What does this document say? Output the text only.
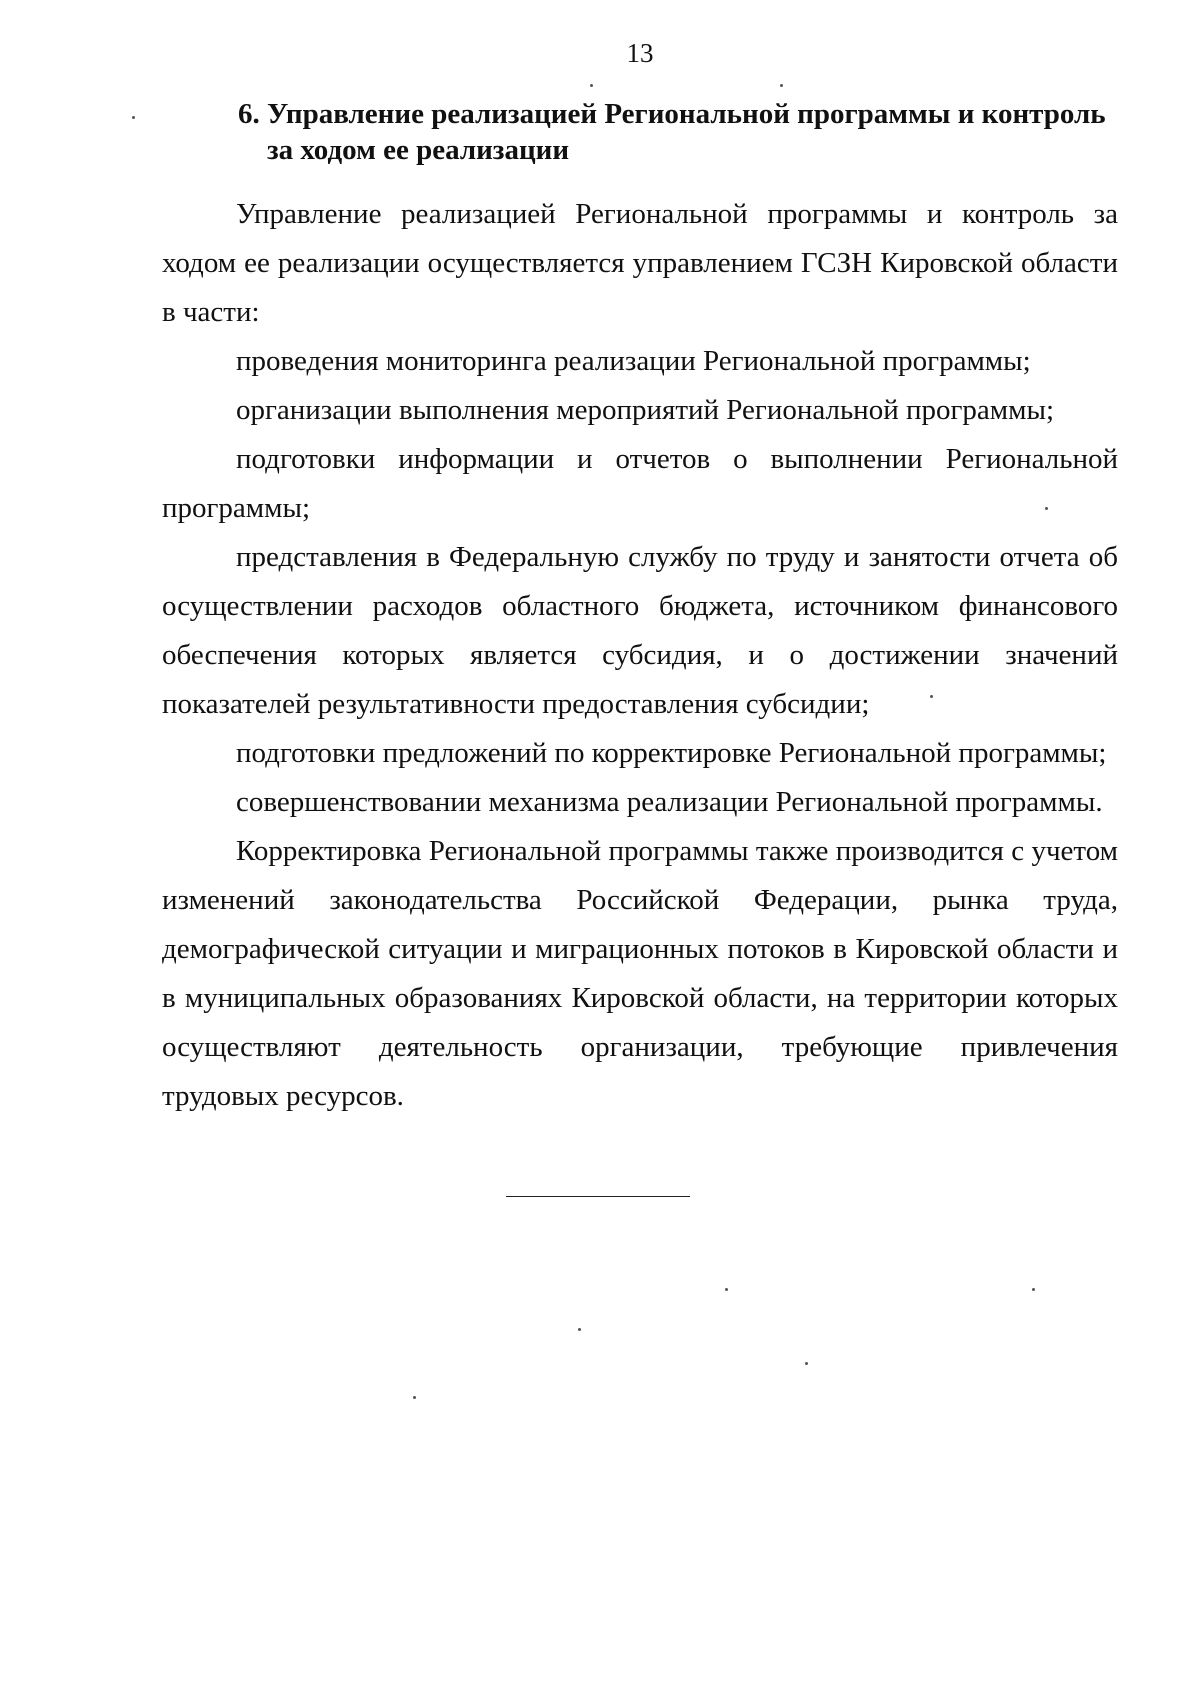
13
6. Управление реализацией Региональной программы и контроль
за ходом ее реализации

Управление реализацией Региональной программы и контроль за ходом ее реализации осуществляется управлением ГСЗН Кировской области в части:

проведения мониторинга реализации Региональной программы;

организации выполнения мероприятий Региональной программы;

подготовки информации и отчетов о выполнении Региональной программы;

представления в Федеральную службу по труду и занятости отчета об осуществлении расходов областного бюджета, источником финансового обеспечения которых является субсидия, и о достижении значений показателей результативности предоставления субсидии;

подготовки предложений по корректировке Региональной программы;

совершенствовании механизма реализации Региональной программы.

Корректировка Региональной программы также производится с учетом изменений законодательства Российской Федерации, рынка труда, демографической ситуации и миграционных потоков в Кировской области и в муниципальных образованиях Кировской области, на территории которых осуществляют деятельность организации, требующие привлечения трудовых ресурсов.
